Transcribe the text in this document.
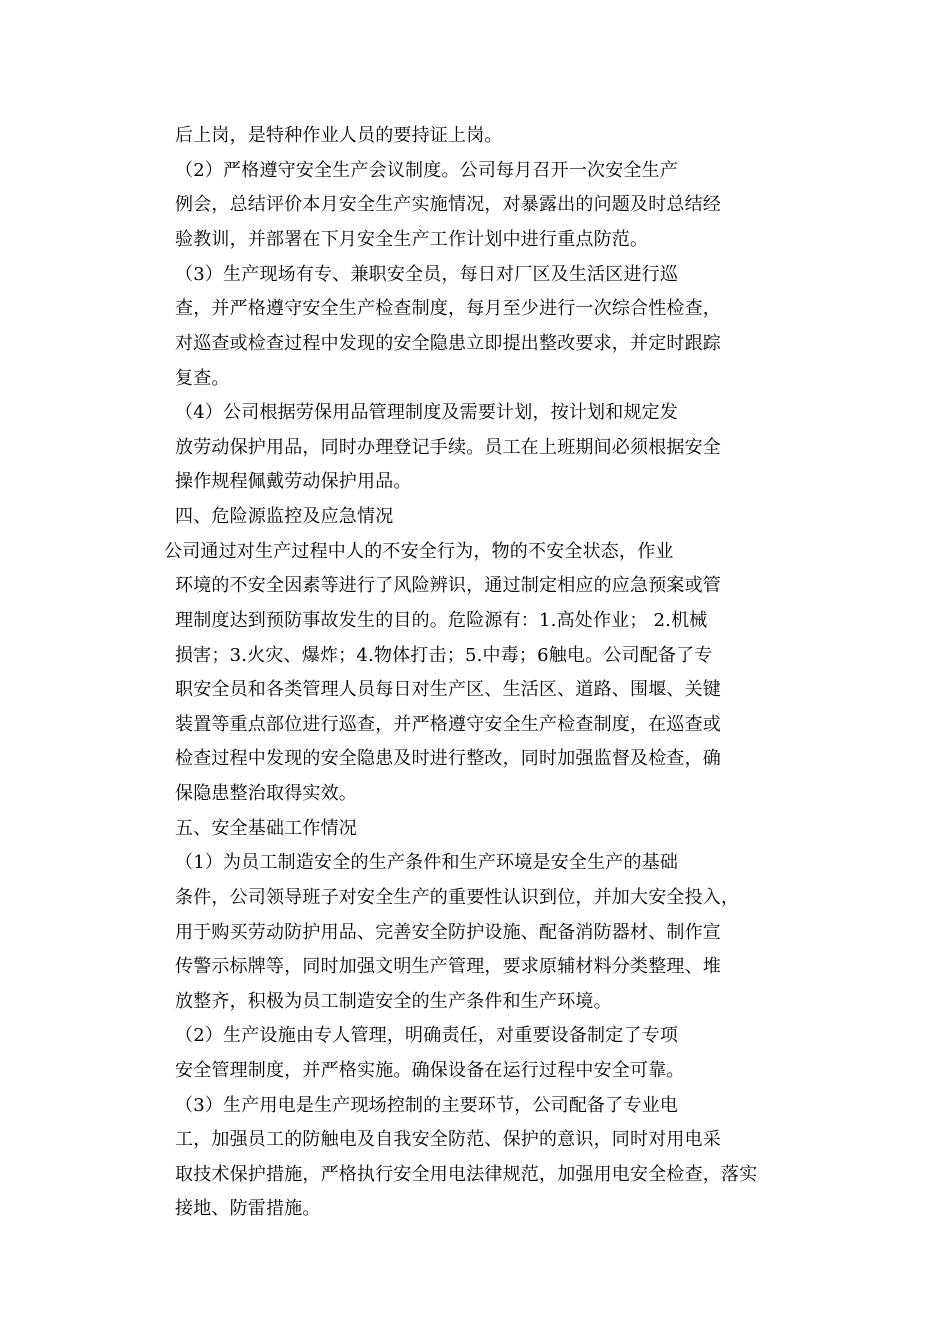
后上岗，是特种作业人员的要持证上岗。
（2）严格遵守安全生产会议制度。公司每月召开一次安全生产
例会，总结评价本月安全生产实施情况，对暴露出的问题及时总结经
验教训，并部署在下月安全生产工作计划中进行重点防范。
（3）生产现场有专、兼职安全员，每日对厂区及生活区进行巡
查，并严格遵守安全生产检查制度，每月至少进行一次综合性检查，
对巡查或检查过程中发现的安全隐患立即提出整改要求，并定时跟踪
复查。
（4）公司根据劳保用品管理制度及需要计划，按计划和规定发
放劳动保护用品，同时办理登记手续。员工在上班期间必须根据安全
操作规程佩戴劳动保护用品。
四、危险源监控及应急情况
公司通过对生产过程中人的不安全行为，物的不安全状态，作业
环境的不安全因素等进行了风险辨识，通过制定相应的应急预案或管
理制度达到预防事故发生的目的。危险源有：1.高处作业； 2.机械
损害；3.火灾、爆炸；4.物体打击；5.中毒；6触电。公司配备了专
职安全员和各类管理人员每日对生产区、生活区、道路、围堰、关键
装置等重点部位进行巡查，并严格遵守安全生产检查制度，在巡查或
检查过程中发现的安全隐患及时进行整改，同时加强监督及检查，确
保隐患整治取得实效。
五、安全基础工作情况
（1）为员工制造安全的生产条件和生产环境是安全生产的基础
条件，公司领导班子对安全生产的重要性认识到位，并加大安全投入，
用于购买劳动防护用品、完善安全防护设施、配备消防器材、制作宣
传警示标牌等，同时加强文明生产管理，要求原辅材料分类整理、堆
放整齐，积极为员工制造安全的生产条件和生产环境。
（2）生产设施由专人管理，明确责任，对重要设备制定了专项
安全管理制度，并严格实施。确保设备在运行过程中安全可靠。
（3）生产用电是生产现场控制的主要环节，公司配备了专业电
工，加强员工的防触电及自我安全防范、保护的意识，同时对用电采
取技术保护措施，严格执行安全用电法律规范，加强用电安全检查，落实
接地、防雷措施。
